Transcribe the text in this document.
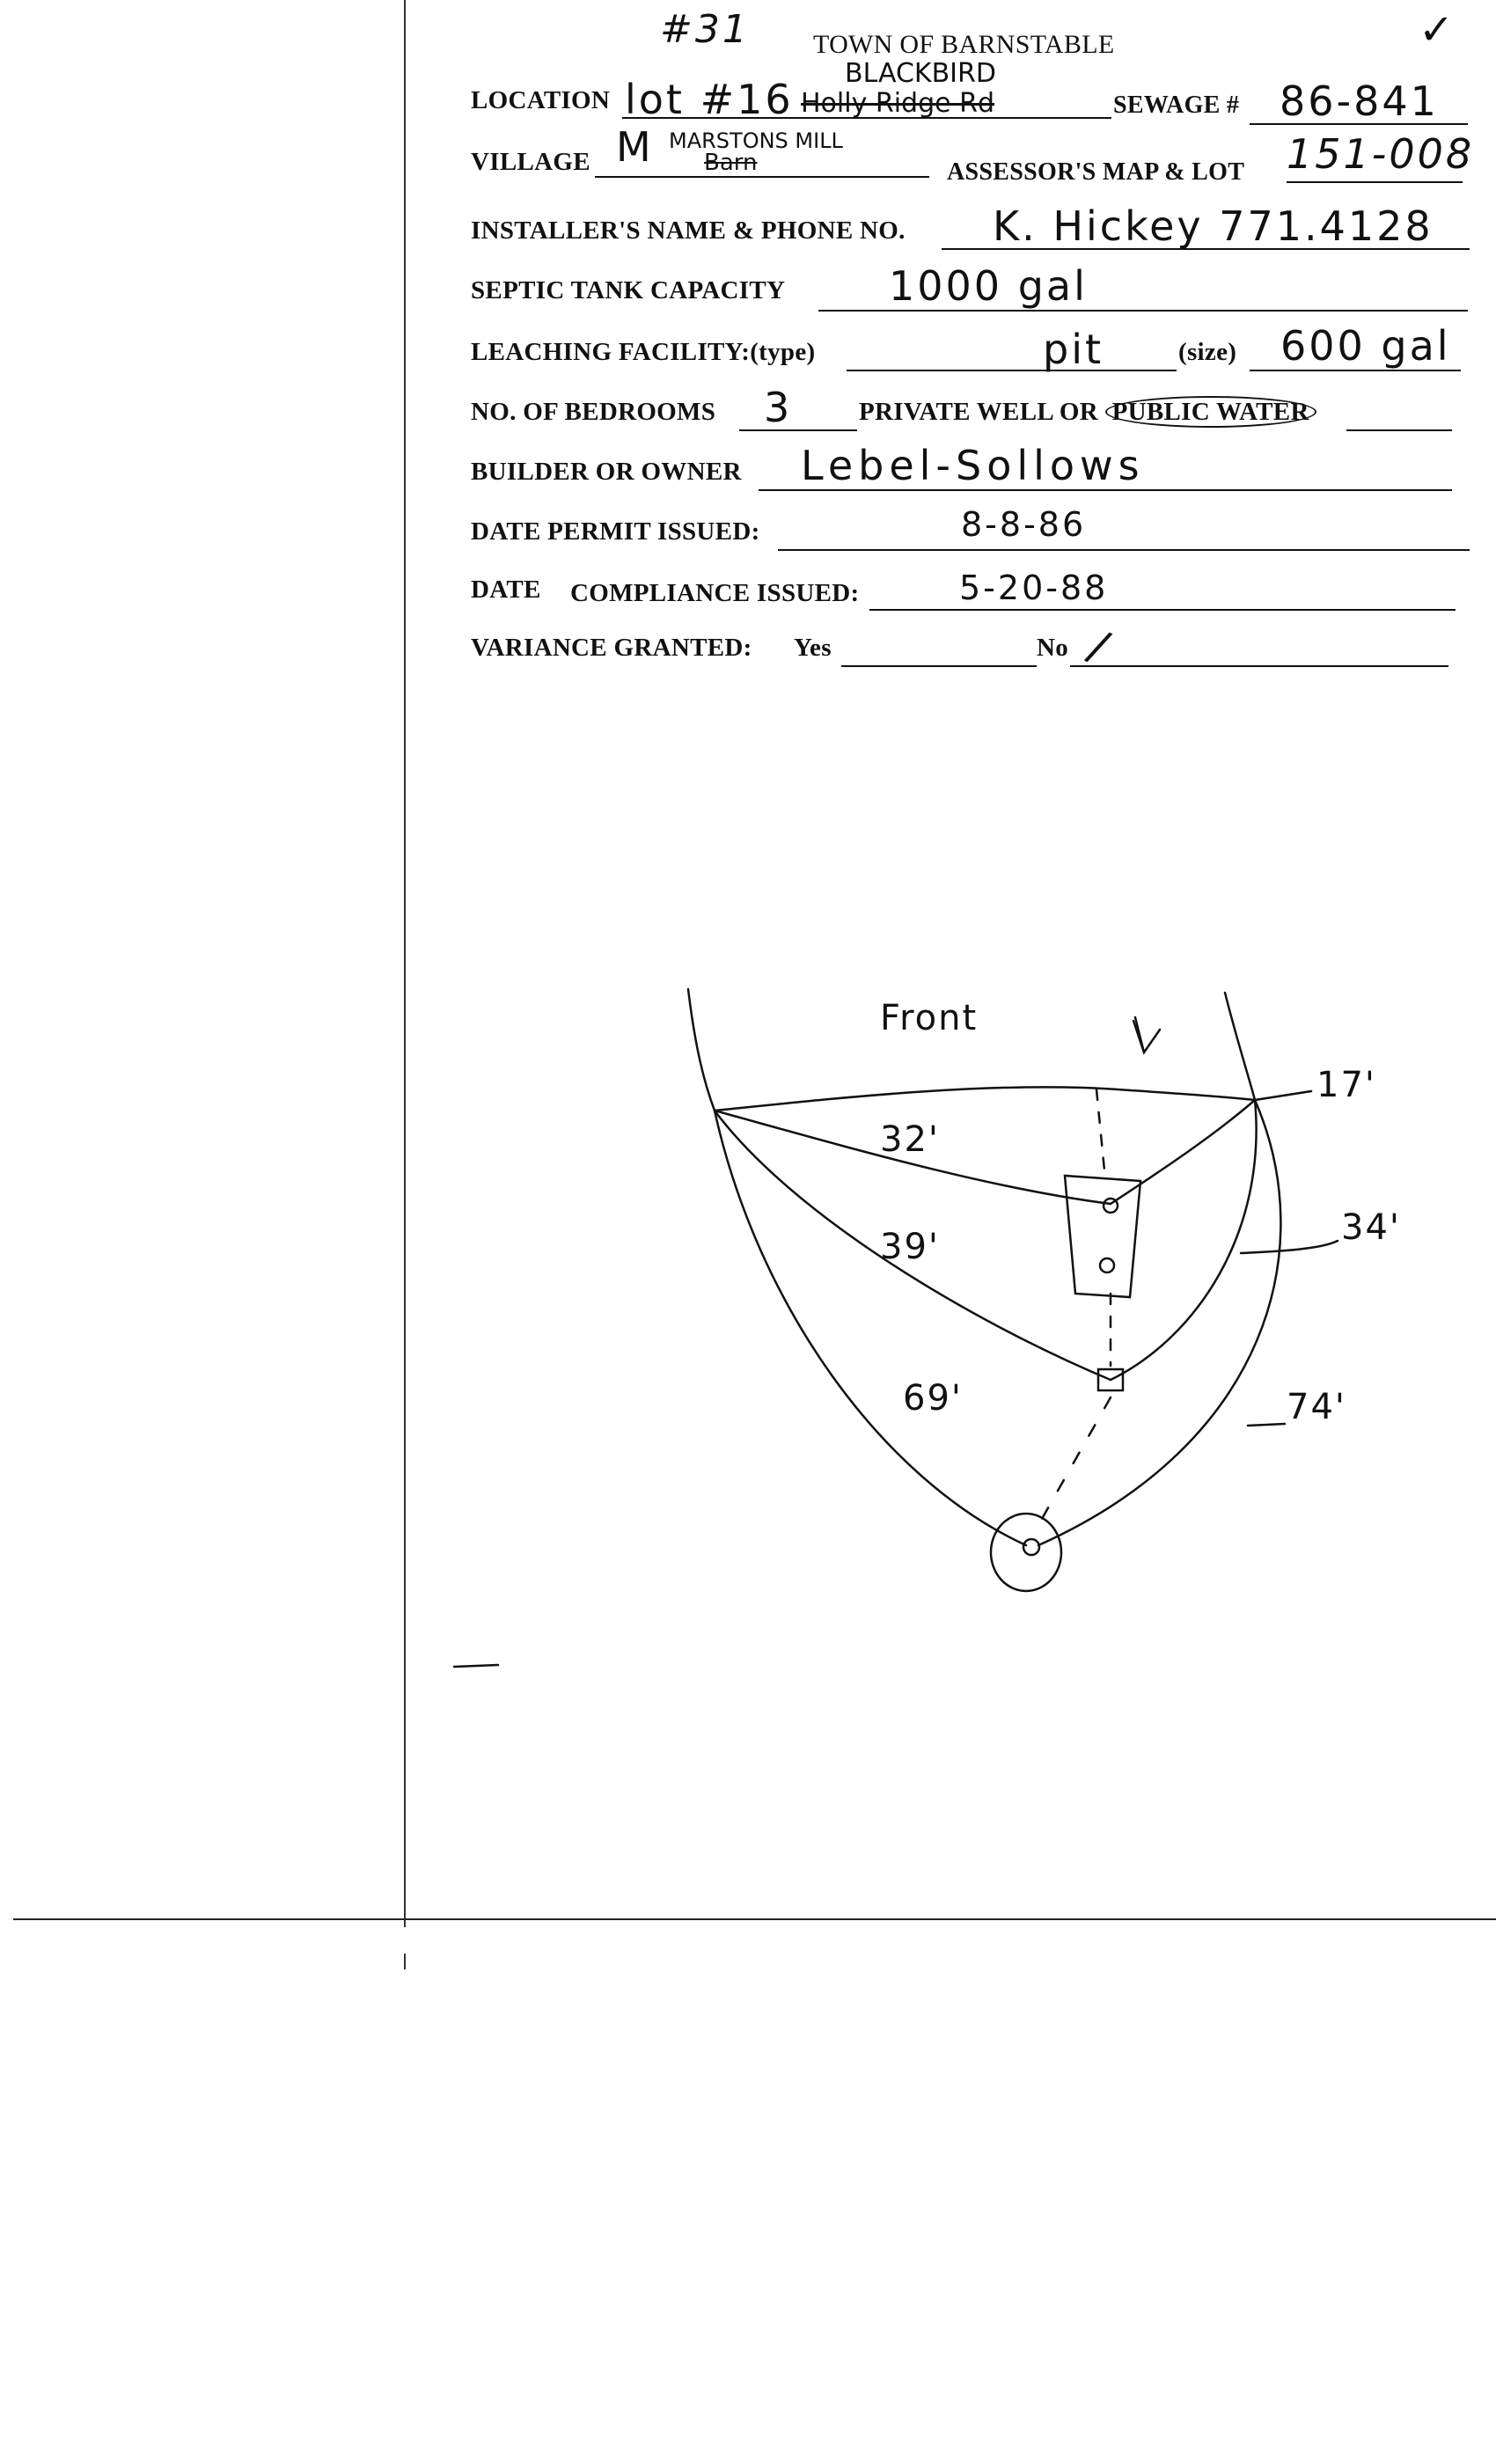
#31 TOWN OF BARNSTABLE	✓
LOCATION lot #16 Holly Ridge Rd
BLACKBIRD
SEWAGE # 86-841
VILLAGE M Barn
MARSTONS MILL
ASSESSOR'S MAP & LOT 151-008
INSTALLER'S NAME & PHONE NO. K. Hickey 771.4128
SEPTIC TANK CAPACITY	1000 gal
LEACHING FACILITY:(type)	pit	(size) 600 gal
NO. OF BEDROOMS 3	PRIVATE WELL OR PUBLIC WATER
BUILDER OR OWNER Lebel-Sollows
DATE PERMIT ISSUED:	8-8-86
DATE COMPLIANCE ISSUED:	5-20-88
VARIANCE GRANTED: Yes	No /
Front
17'
32'
34'
39'
69'	74'
